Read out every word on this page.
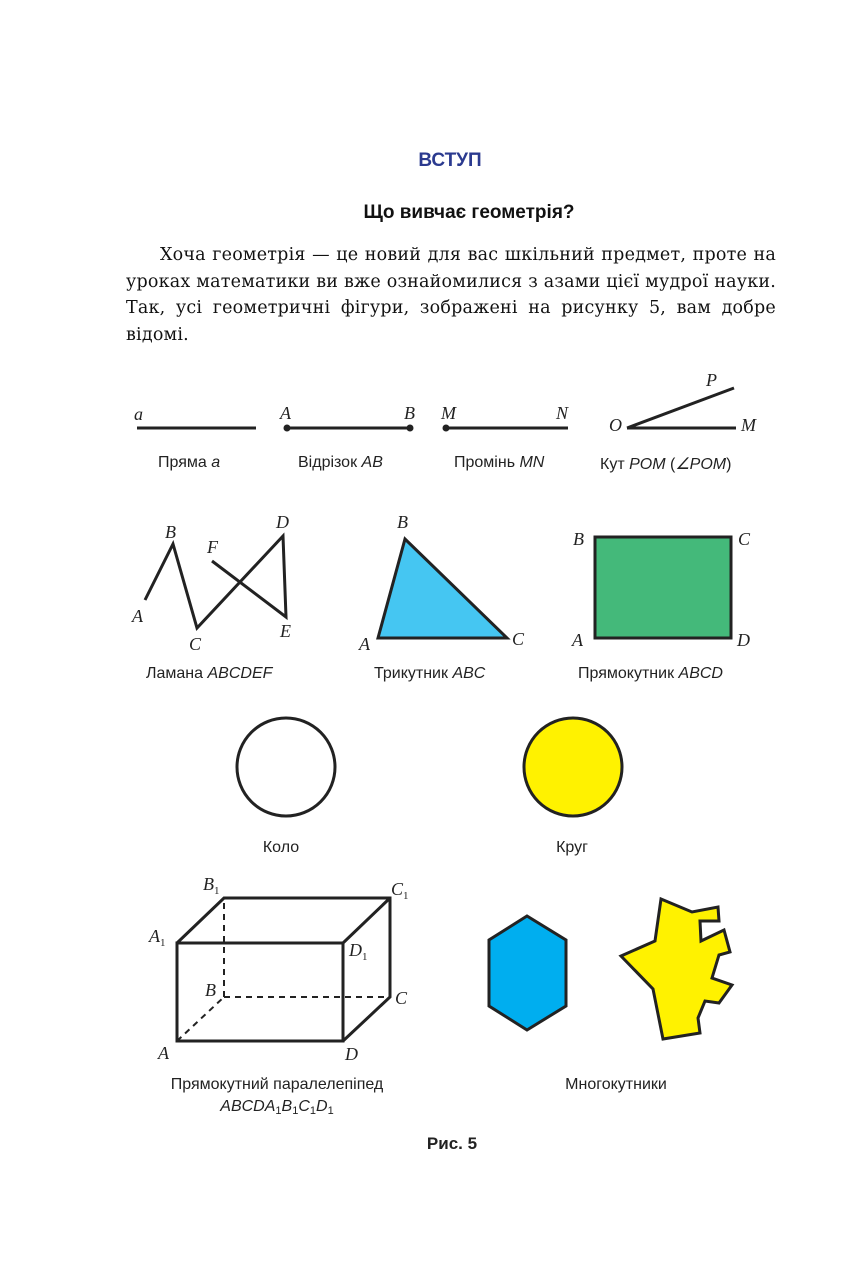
ВСТУП
Що вивчає геометрія?

Хоча геометрія — це новий для вас шкільний предмет, проте на уроках математики ви вже ознайомилися з азами цієї мудрої науки. Так, усі геометричні фігури, зображені на рисунку 5, вам добре відомі.

a
Пряма a
A	B
Відрізок AB
M	N
Промінь MN
P
O	M
Кут POM (∠POM)
A
B
C
D
E
F
Ламана ABCDEF
A
B
C
Трикутник ABC
A
B	C
D
Прямокутник ABCD
Коло	Круг
A
B	C
D
$A_1$
$B_1$	$C_1$
$D_1$
Прямокутний паралелепіпед
ABCDA1B1C1D1
Многокутники
Рис. 5
